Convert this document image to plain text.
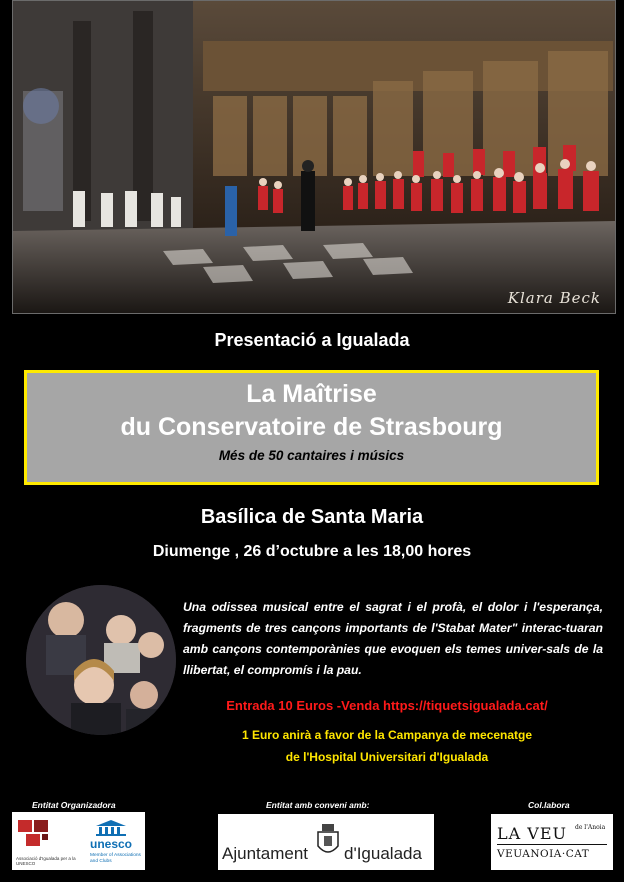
Klara Beck
Presentació a Igualada
La Maîtrise
du Conservatoire de Strasbourg
Més de 50 cantaires i músics
Basílica de Santa Maria
Diumenge , 26 d’octubre a les 18,00 hores
Una odissea musical entre el sagrat i el profà, el dolor i l'esperança, fragments de tres cançons importants de l'Stabat Mater" interac-tuaran amb cançons contemporànies que evoquen els temes univer-sals de la llibertat, el compromís i la pau.
Entrada 10 Euros -Venda https://tiquetsigualada.cat/
1 Euro anirà a favor de la Campanya de mecenatge
de l'Hospital Universitari d'Igualada
Entitat Organizadora	Entitat amb conveni amb:	Col.labora
Associació d'Igualada per a la UNESCO
unesco
Member of Associations and Clubs	Ajuntament d'Igualada
LA VEU de l'Anoia
VEUANOIA·CAT
